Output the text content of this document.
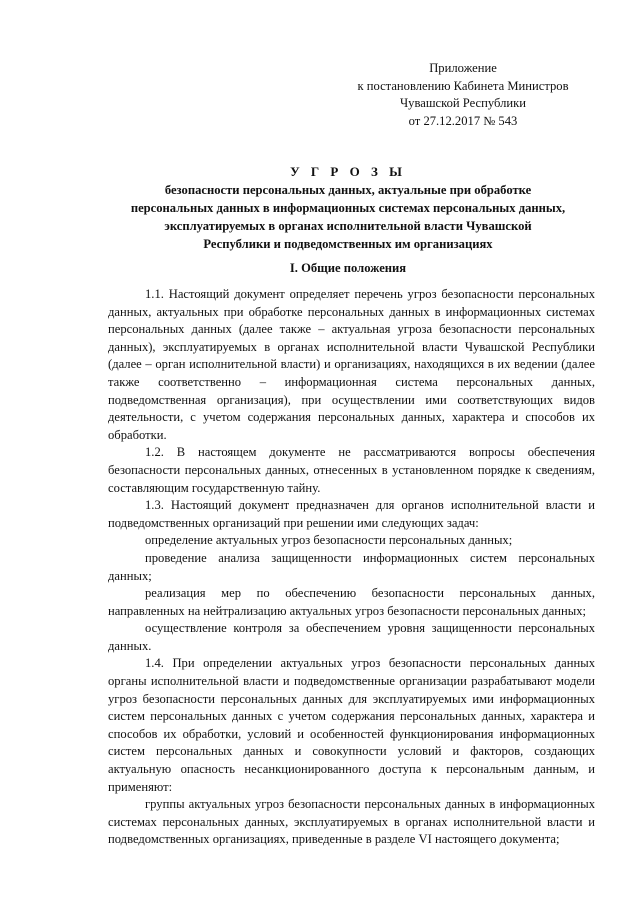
Приложение
к постановлению Кабинета Министров
Чувашской Республики
от 27.12.2017 № 543
У Г Р О З Ы
безопасности персональных данных, актуальные при обработке
персональных данных в информационных системах персональных данных,
эксплуатируемых в органах исполнительной власти Чувашской
Республики и подведомственных им организациях
I. Общие положения

1.1. Настоящий документ определяет перечень угроз безопасности персональных данных, актуальных при обработке персональных данных в информационных системах персональных данных (далее также – актуальная угроза безопасности персональных данных), эксплуатируемых в органах исполнительной власти Чувашской Республики (далее – орган исполнительной власти) и организациях, находящихся в их ведении (далее также соответственно – информационная система персональных данных, подведомственная организация), при осуществлении ими соответствующих видов деятельности, с учетом содержания персональных данных, характера и способов их обработки.

1.2. В настоящем документе не рассматриваются вопросы обеспечения безопасности персональных данных, отнесенных в установленном порядке к сведениям, составляющим государственную тайну.

1.3. Настоящий документ предназначен для органов исполнительной власти и подведомственных организаций при решении ими следующих задач:

определение актуальных угроз безопасности персональных данных;

проведение анализа защищенности информационных систем персональных данных;

реализация мер по обеспечению безопасности персональных данных, направленных на нейтрализацию актуальных угроз безопасности персональных данных;

осуществление контроля за обеспечением уровня защищенности персональных данных.

1.4. При определении актуальных угроз безопасности персональных данных органы исполнительной власти и подведомственные организации разрабатывают модели угроз безопасности персональных данных для эксплуатируемых ими информационных систем персональных данных с учетом содержания персональных данных, характера и способов их обработки, условий и особенностей функционирования информационных систем персональных данных и совокупности условий и факторов, создающих актуальную опасность несанкционированного доступа к персональным данным, и применяют:

группы актуальных угроз безопасности персональных данных в информационных системах персональных данных, эксплуатируемых в органах исполнительной власти и подведомственных организациях, приведенные в разделе VI настоящего документа;
